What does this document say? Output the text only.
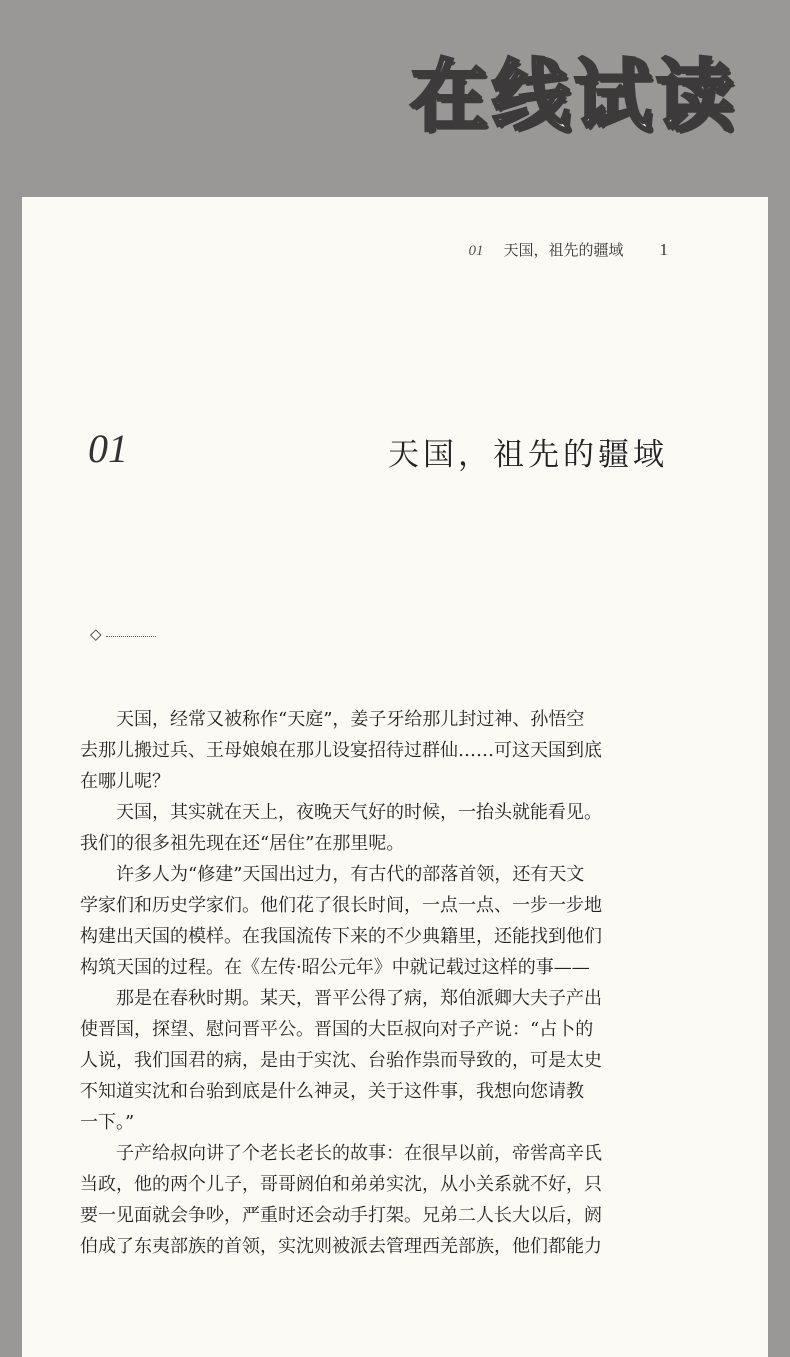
在线试读
01 天国，祖先的疆域 1
01	天国，祖先的疆域
◇
天国，经常又被称作“天庭”，姜子牙给那儿封过神、孙悟空
去那儿搬过兵、王母娘娘在那儿设宴招待过群仙……可这天国到底
在哪儿呢？
天国，其实就在天上，夜晚天气好的时候，一抬头就能看见。
我们的很多祖先现在还“居住”在那里呢。
许多人为“修建”天国出过力，有古代的部落首领，还有天文
学家们和历史学家们。他们花了很长时间，一点一点、一步一步地
构建出天国的模样。在我国流传下来的不少典籍里，还能找到他们
构筑天国的过程。在《左传·昭公元年》中就记载过这样的事——
那是在春秋时期。某天，晋平公得了病，郑伯派卿大夫子产出
使晋国，探望、慰问晋平公。晋国的大臣叔向对子产说：“占卜的
人说，我们国君的病，是由于实沈、台骀作祟而导致的，可是太史
不知道实沈和台骀到底是什么神灵，关于这件事，我想向您请教
一下。”
子产给叔向讲了个老长老长的故事：在很早以前，帝喾高辛氏
当政，他的两个儿子，哥哥阏伯和弟弟实沈，从小关系就不好，只
要一见面就会争吵，严重时还会动手打架。兄弟二人长大以后，阏
伯成了东夷部族的首领，实沈则被派去管理西羌部族，他们都能力
